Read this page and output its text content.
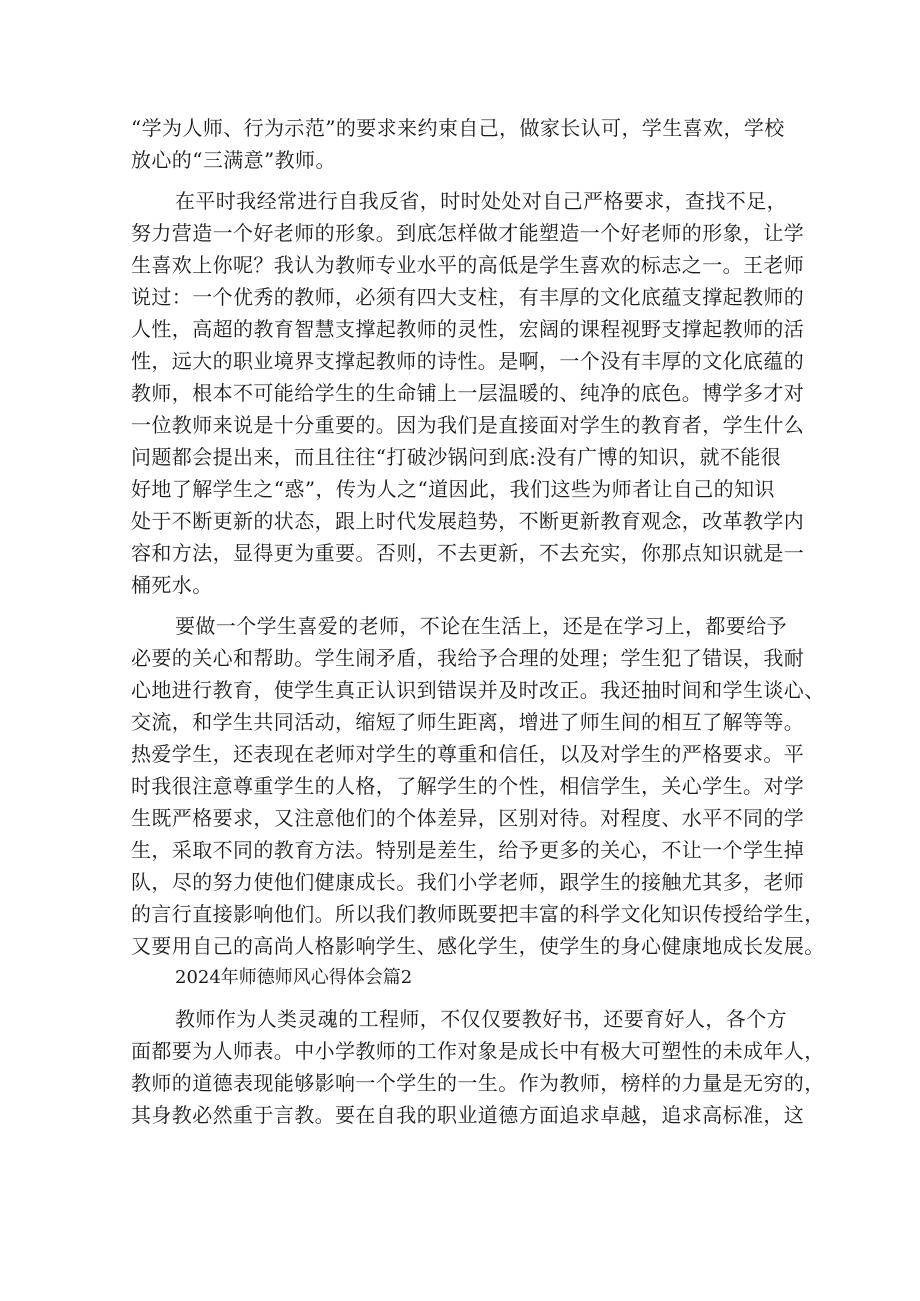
“学为人师、行为示范”的要求来约束自己，做家长认可，学生喜欢，学校
放心的“三满意”教师。
在平时我经常进行自我反省，时时处处对自己严格要求，查找不足，
努力营造一个好老师的形象。到底怎样做才能塑造一个好老师的形象，让学
生喜欢上你呢？我认为教师专业水平的高低是学生喜欢的标志之一。王老师
说过：一个优秀的教师，必须有四大支柱，有丰厚的文化底蕴支撑起教师的
人性，高超的教育智慧支撑起教师的灵性，宏阔的课程视野支撑起教师的活
性，远大的职业境界支撑起教师的诗性。是啊，一个没有丰厚的文化底蕴的
教师，根本不可能给学生的生命铺上一层温暖的、纯净的底色。博学多才对
一位教师来说是十分重要的。因为我们是直接面对学生的教育者，学生什么
问题都会提出来，而且往往“打破沙锅问到底:没有广博的知识，就不能很
好地了解学生之“惑”，传为人之“道因此，我们这些为师者让自己的知识
处于不断更新的状态，跟上时代发展趋势，不断更新教育观念，改革教学内
容和方法，显得更为重要。否则，不去更新，不去充实，你那点知识就是一
桶死水。
要做一个学生喜爱的老师，不论在生活上，还是在学习上，都要给予
必要的关心和帮助。学生闹矛盾，我给予合理的处理；学生犯了错误，我耐
心地进行教育，使学生真正认识到错误并及时改正。我还抽时间和学生谈心、
交流，和学生共同活动，缩短了师生距离，增进了师生间的相互了解等等。
热爱学生，还表现在老师对学生的尊重和信任，以及对学生的严格要求。平
时我很注意尊重学生的人格，了解学生的个性，相信学生，关心学生。对学
生既严格要求，又注意他们的个体差异，区别对待。对程度、水平不同的学
生，采取不同的教育方法。特别是差生，给予更多的关心，不让一个学生掉
队，尽的努力使他们健康成长。我们小学老师，跟学生的接触尤其多，老师
的言行直接影响他们。所以我们教师既要把丰富的科学文化知识传授给学生，
又要用自己的高尚人格影响学生、感化学生，使学生的身心健康地成长发展。
2024年师德师风心得体会篇2
教师作为人类灵魂的工程师，不仅仅要教好书，还要育好人，各个方
面都要为人师表。中小学教师的工作对象是成长中有极大可塑性的未成年人，
教师的道德表现能够影响一个学生的一生。作为教师，榜样的力量是无穷的，
其身教必然重于言教。要在自我的职业道德方面追求卓越，追求高标准，这
